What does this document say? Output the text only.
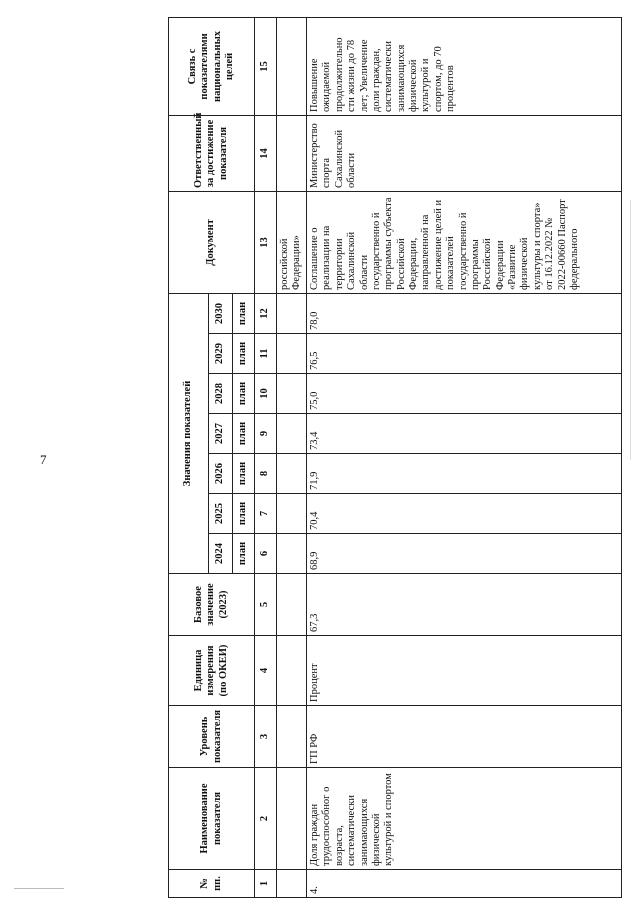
7
№ пп.	Наименование показателя	Уровень показателя	Единица измерения (по ОКЕИ)	Базовое значение (2023)	Значения показателей							Документ	Ответственный за достижение показателя	Связь с показателями национальных целей
					2024	2025	2026	2027	2028	2029	2030			
					план	план	план	план	план	план	план			
1	2	3	4	5	6	7	8	9	10	11	12	13	14	15
												российской Федерации»		
4.	Доля граждан трудоспособног о возраста, систематически занимающихся физической культурой и спортом	ГП РФ	Процент	67,3	68,9	70,4	71,9	73,4	75,0	76,5	78,0	Соглашение о реализации на территории Сахалинской области государственно й программы субъекта Российской Федерации, направленной на достижение целей и показателей государственно й программы Российской Федерации «Развитие физической культуры и спорта» от 16.12.2022 № 2022-00660 Паспорт федерального	Министерство спорта Сахалинской области	Повышение ожидаемой продолжительно сти жизни до 78 лет; Увеличение доли граждан, систематически занимающихся физической культурой и спортом, до 70 процентов
